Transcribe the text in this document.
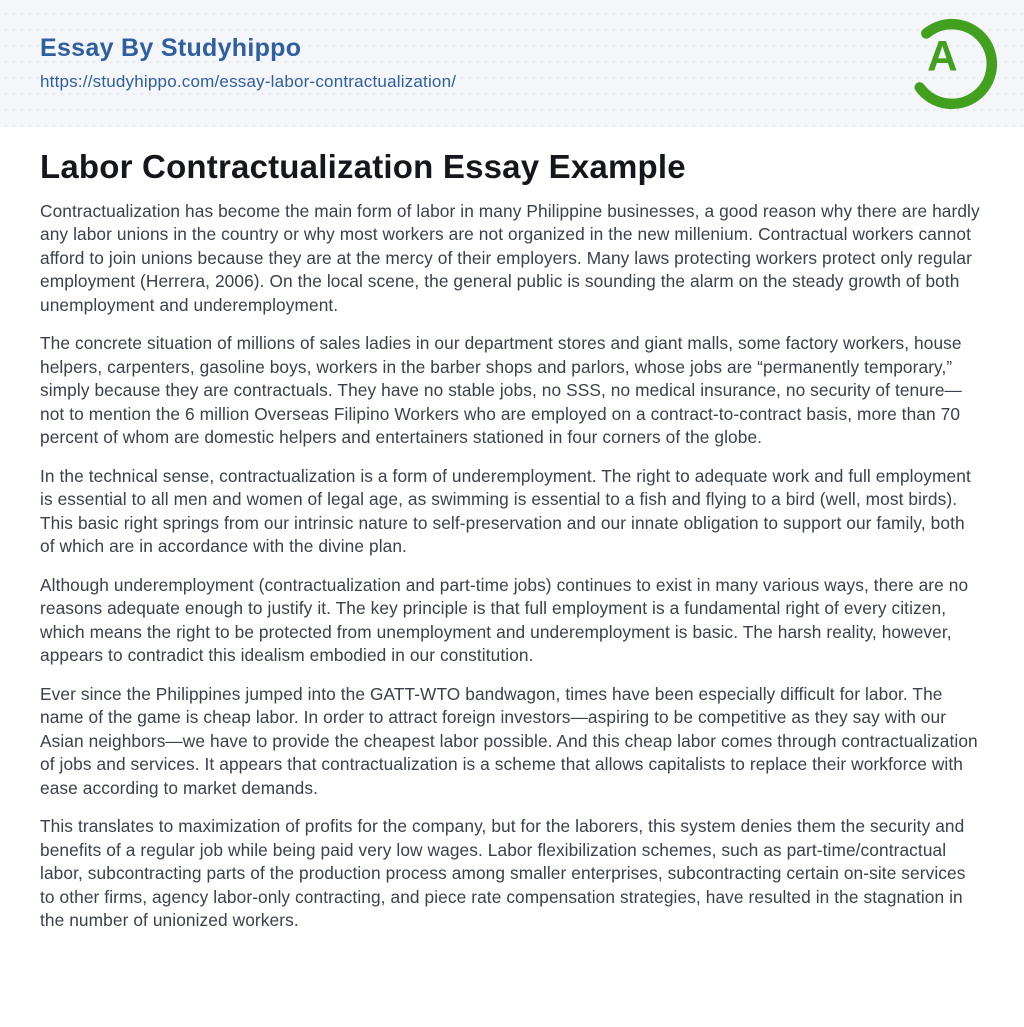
Essay By Studyhippo
https://studyhippo.com/essay-labor-contractualization/
A
Labor Contractualization Essay Example

Contractualization has become the main form of labor in many Philippine businesses, a good reason why there are hardly any labor unions in the country or why most workers are not organized in the new millenium. Contractual workers cannot afford to join unions because they are at the mercy of their employers. Many laws protecting workers protect only regular employment (Herrera, 2006). On the local scene, the general public is sounding the alarm on the steady growth of both unemployment and underemployment.

The concrete situation of millions of sales ladies in our department stores and giant malls, some factory workers, house helpers, carpenters, gasoline boys, workers in the barber shops and parlors, whose jobs are “permanently temporary,” simply because they are contractuals. They have no stable jobs, no SSS, no medical insurance, no security of tenure—not to mention the 6 million Overseas Filipino Workers who are employed on a contract-to-contract basis, more than 70 percent of whom are domestic helpers and entertainers stationed in four corners of the globe.

In the technical sense, contractualization is a form of underemployment. The right to adequate work and full employment is essential to all men and women of legal age, as swimming is essential to a fish and flying to a bird (well, most birds). This basic right springs from our intrinsic nature to self-preservation and our innate obligation to support our family, both of which are in accordance with the divine plan.

Although underemployment (contractualization and part-time jobs) continues to exist in many various ways, there are no reasons adequate enough to justify it. The key principle is that full employment is a fundamental right of every citizen, which means the right to be protected from unemployment and underemployment is basic. The harsh reality, however, appears to contradict this idealism embodied in our constitution.

Ever since the Philippines jumped into the GATT-WTO bandwagon, times have been especially difficult for labor. The name of the game is cheap labor. In order to attract foreign investors—aspiring to be competitive as they say with our Asian neighbors—we have to provide the cheapest labor possible. And this cheap labor comes through contractualization of jobs and services. It appears that contractualization is a scheme that allows capitalists to replace their workforce with ease according to market demands.

This translates to maximization of profits for the company, but for the laborers, this system denies them the security and benefits of a regular job while being paid very low wages. Labor flexibilization schemes, such as part-time/contractual labor, subcontracting parts of the production process among smaller enterprises, subcontracting certain on-site services to other firms, agency labor-only contracting, and piece rate compensation strategies, have resulted in the stagnation in the number of unionized workers.
